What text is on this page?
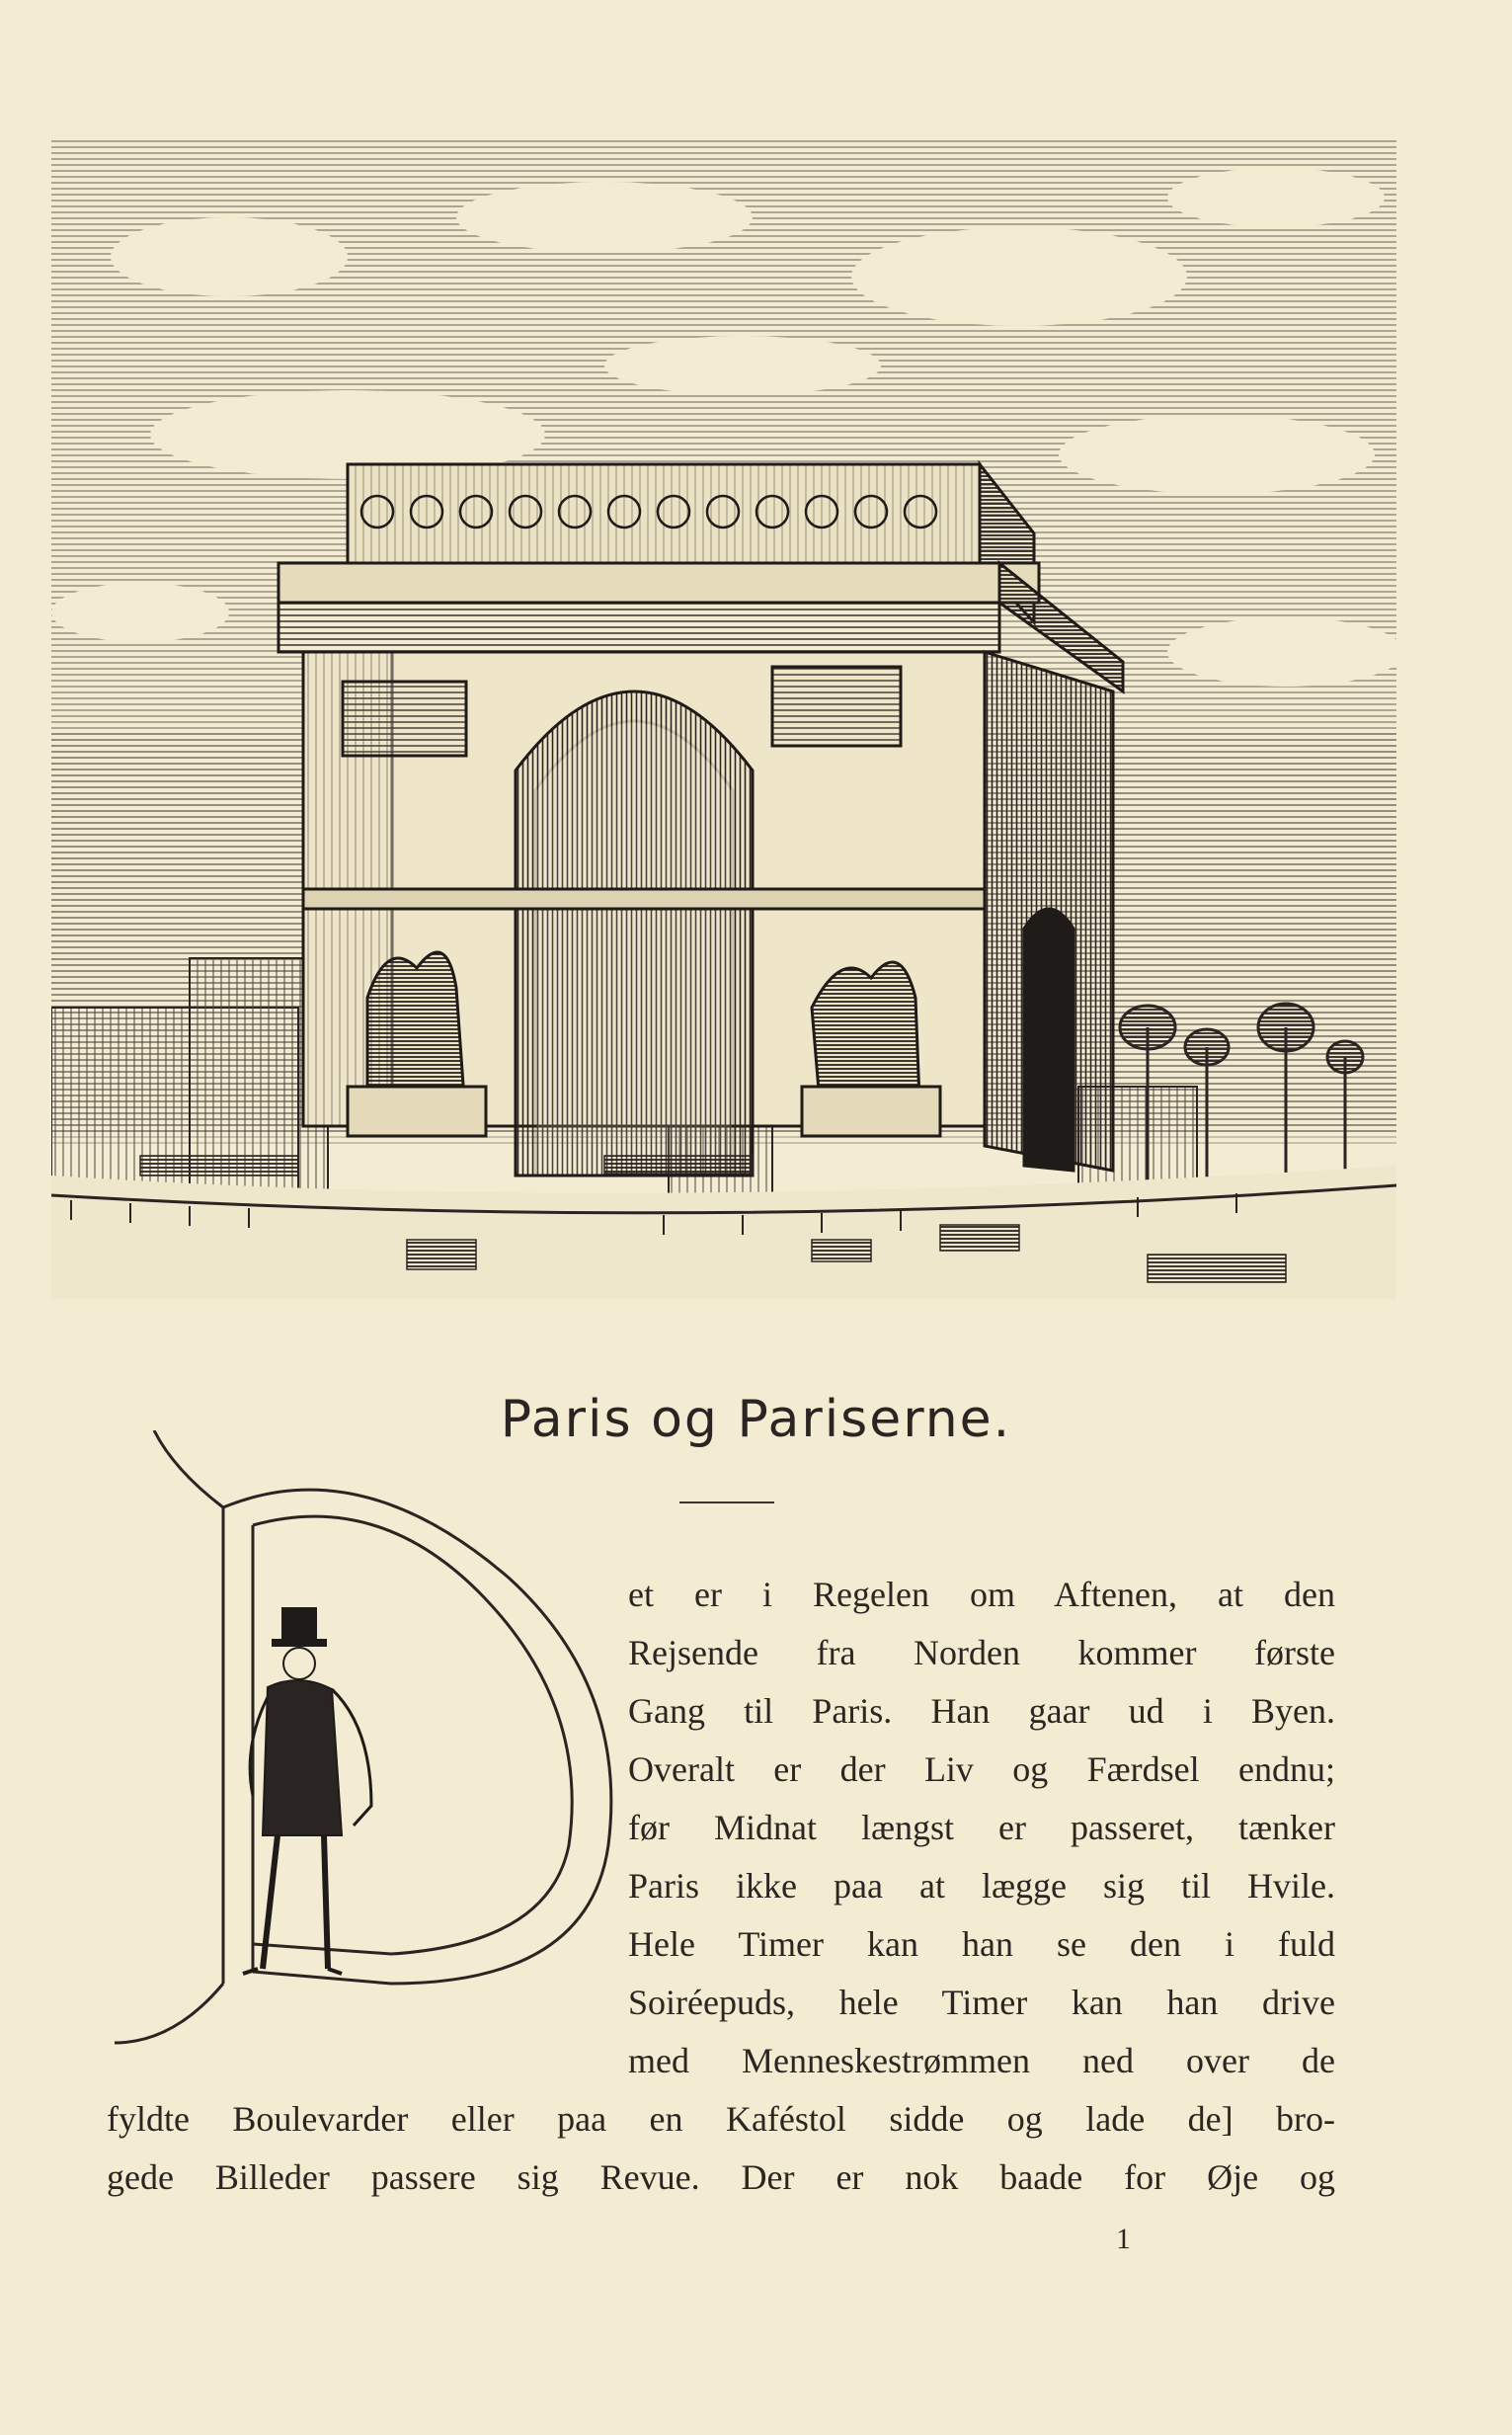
Paris og Pariserne.
et er i Regelen om Aftenen, at den
Rejsende fra Norden kommer første
Gang til Paris. Han gaar ud i Byen.
Overalt er der Liv og Færdsel endnu;
før Midnat længst er passeret, tænker
Paris ikke paa at lægge sig til Hvile.
Hele Timer kan han se den i fuld
Soiréepuds, hele Timer kan han drive
med Menneskestrømmen ned over de
fyldte Boulevarder eller paa en Kaféstol sidde og lade de] bro-
gede Billeder passere sig Revue. Der er nok baade for Øje og
1
